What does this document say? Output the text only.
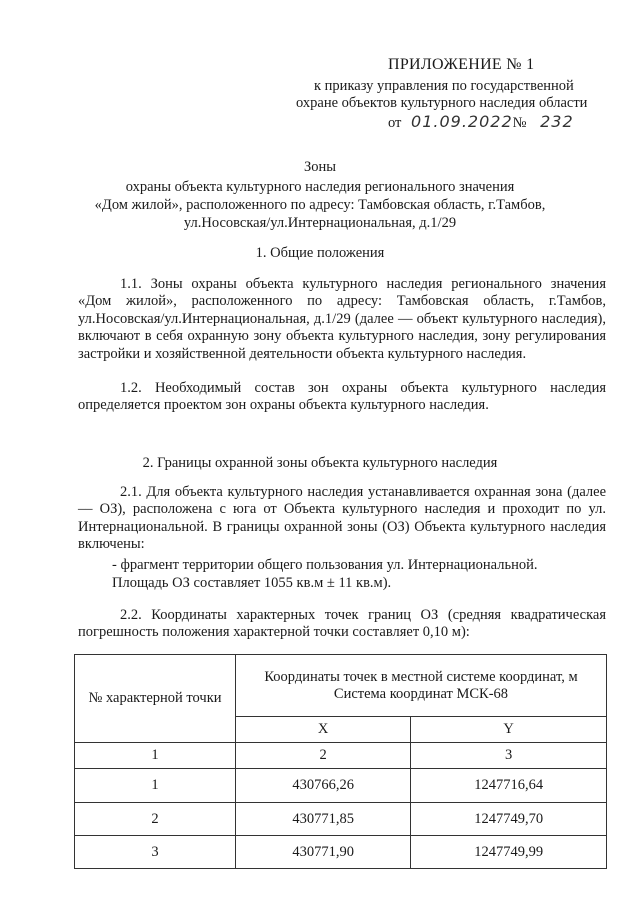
ПРИЛОЖЕНИЕ № 1
к приказу управления по государственной
охране объектов культурного наследия области
от 01.09.2022 № 232
Зоны
охраны объекта культурного наследия регионального значения
«Дом жилой», расположенного по адресу: Тамбовская область, г.Тамбов,
ул.Носовская/ул.Интернациональная, д.1/29
1. Общие положения

1.1. Зоны охраны объекта культурного наследия регионального значения «Дом жилой», расположенного по адресу: Тамбовская область, г.Тамбов, ул.Носовская/ул.Интернациональная, д.1/29 (далее — объект культурного наследия), включают в себя охранную зону объекта культурного наследия, зону регулирования застройки и хозяйственной деятельности объекта культурного наследия.

1.2. Необходимый состав зон охраны объекта культурного наследия определяется проектом зон охраны объекта культурного наследия.

2. Границы охранной зоны объекта культурного наследия

2.1. Для объекта культурного наследия устанавливается охранная зона (далее –– ОЗ), расположена с юга от Объекта культурного наследия и проходит по ул. Интернациональной. В границы охранной зоны (ОЗ) Объекта культурного наследия включены:

- фрагмент территории общего пользования ул. Интернациональной.

Площадь ОЗ составляет 1055 кв.м ± 11 кв.м).

2.2. Координаты характерных точек границ ОЗ (средняя квадратическая погрешность положения характерной точки составляет 0,10 м):

№ характерной точки	Координаты точек в местной системе координат, м
Система координат МСК-68	

	X	Y
1	2	3
1	430766,26	1247716,64
2	430771,85	1247749,70
3	430771,90	1247749,99
